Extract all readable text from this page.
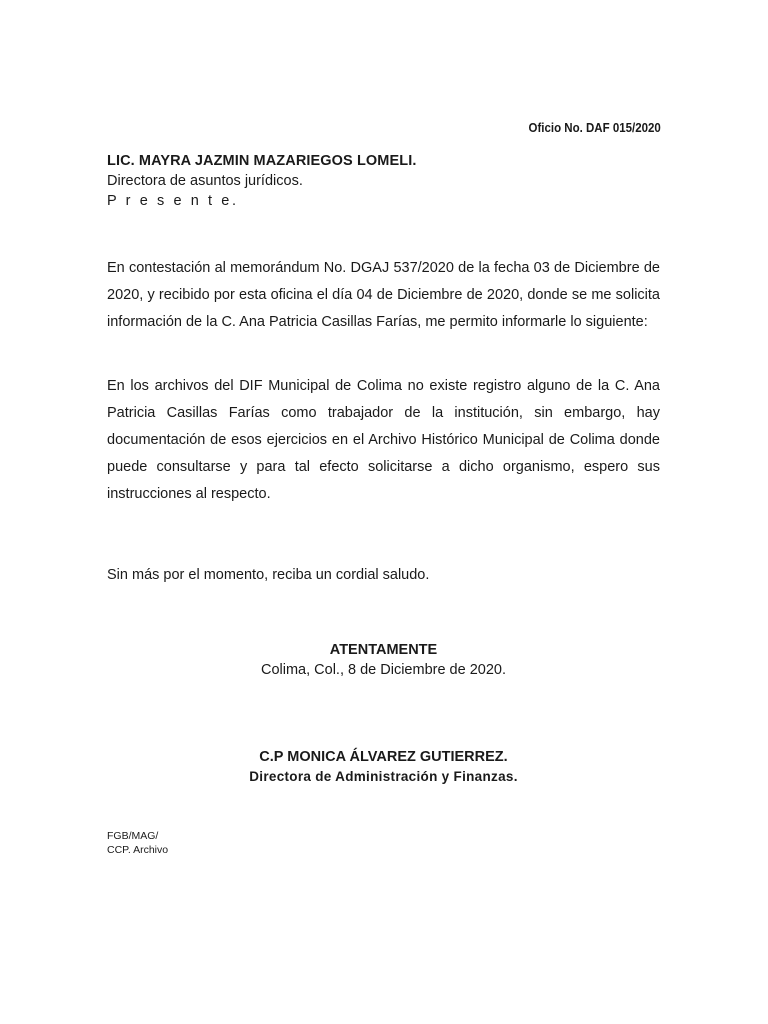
Oficio No. DAF 015/2020
LIC. MAYRA JAZMIN MAZARIEGOS LOMELI.
Directora de asuntos jurídicos.
P r e s e n t e.

En contestación al memorándum No. DGAJ 537/2020 de la fecha 03 de Diciembre de 2020, y recibido por esta oficina el día 04 de Diciembre de 2020, donde se me solicita información de la C. Ana Patricia Casillas Farías, me permito informarle lo siguiente:

En los archivos del DIF Municipal de Colima no existe registro alguno de la C. Ana Patricia Casillas Farías como trabajador de la institución, sin embargo, hay documentación de esos ejercicios en el Archivo Histórico Municipal de Colima donde puede consultarse y para tal efecto solicitarse a dicho organismo, espero sus instrucciones al respecto.

Sin más por el momento, reciba un cordial saludo.

ATENTAMENTE
Colima, Col., 8 de Diciembre de 2020.
C.P MONICA ÁLVAREZ GUTIERREZ.
Directora de Administración y Finanzas.
FGB/MAG/
CCP. Archivo
